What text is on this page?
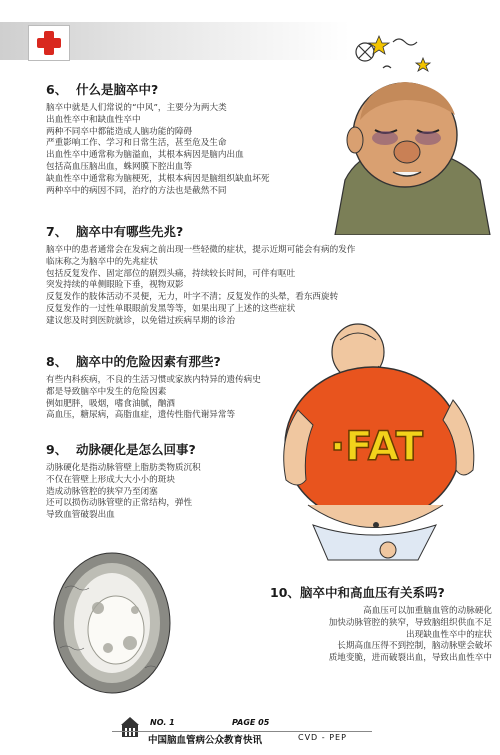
·FAT
6、 什么是脑卒中?
脑卒中就是人们常说的“中风”，主要分为两大类
出血性卒中和缺血性卒中
两种不同卒中都能造成人脑功能的障碍
严重影响工作、学习和日常生活，甚至危及生命
出血性卒中通常称为脑溢血，其根本病因是脑内出血
包括高血压脑出血，蛛网膜下腔出血等
缺血性卒中通常称为脑梗死，其根本病因是脑组织缺血坏死
两种卒中的病因不同，治疗的方法也是截然不同
7、 脑卒中有哪些先兆?
脑卒中的患者通常会在发病之前出现一些轻微的症状，提示近期可能会有病的发作
临床称之为脑卒中的先兆症状
包括反复发作、固定部位的剧烈头痛，持续较长时间，可伴有呕吐
突发持续的单侧眼睑下垂，视物双影
反复发作的肢体活动不灵便，无力，叶字不清；反复发作的头晕，看东西旋转
反复发作的一过性单眼眼前发黑等等，如果出现了上述的这些症状
建议您及时到医院就诊，以免错过疾病早期的诊治
8、 脑卒中的危险因素有那些?
有些内科疾病，不良的生活习惯或家族内特异的遗传病史
都是导致脑卒中发生的危险因素
例如肥胖，吸烟，嗜食油腻，酗酒
高血压，糖尿病，高脂血症，遗传性脂代谢异常等
9、 动脉硬化是怎么回事?
动脉硬化是指动脉管壁上脂肪类物质沉积
不仅在管壁上形成大大小小的斑块
造成动脉管腔的狭窄乃至闭塞
还可以损伤动脉管壁的正常结构，弹性
导致血管破裂出血
10、脑卒中和高血压有关系吗?
高血压可以加重脑血管的动脉硬化
加快动脉管腔的狭窄，导致脑组织供血不足
出现缺血性卒中的症状
长期高血压得不到控制，脑动脉壁会破坏
质地变脆，进而破裂出血，导致出血性卒中
NO. 1	PAGE 05
中国脑血管病公众教育快讯	CVD - PEP
